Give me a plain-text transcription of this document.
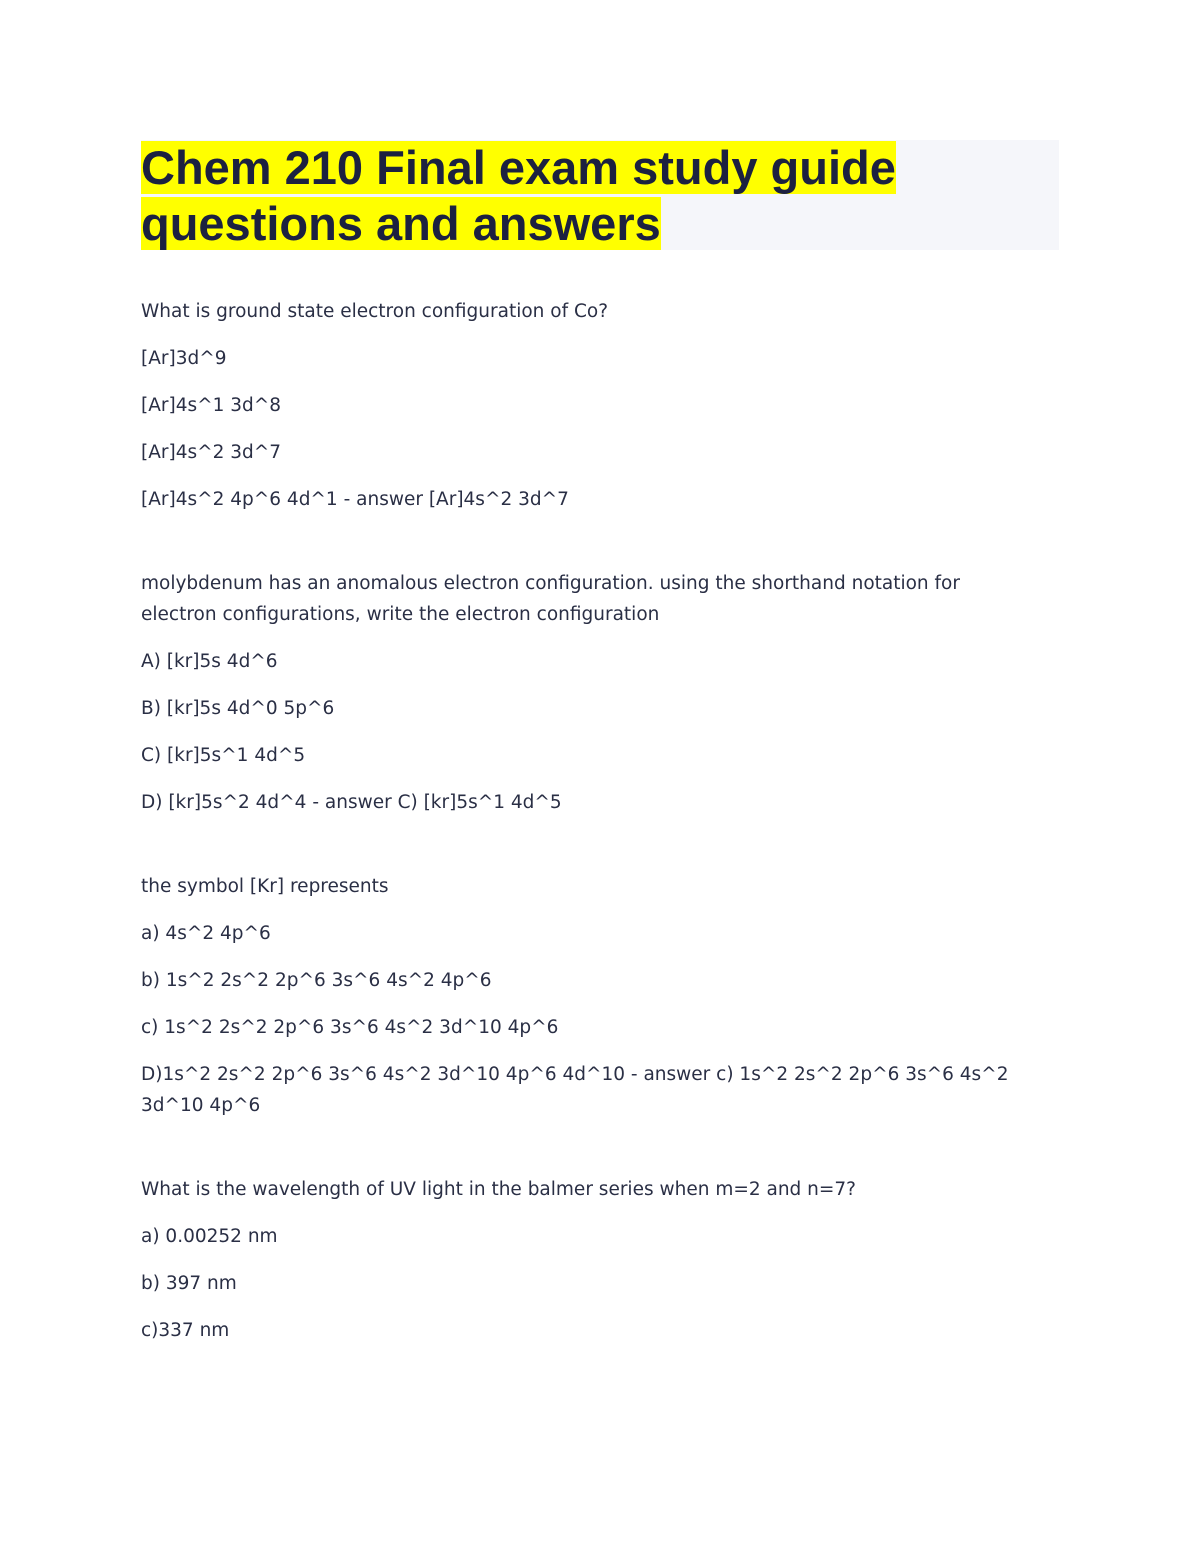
Chem 210 Final exam study guide questions and answers

What is ground state electron configuration of Co?

[Ar]3d^9

[Ar]4s^1 3d^8

[Ar]4s^2 3d^7

[Ar]4s^2 4p^6 4d^1 - answer [Ar]4s^2 3d^7

molybdenum has an anomalous electron configuration. using the shorthand notation for electron configurations, write the electron configuration

A) [kr]5s 4d^6

B) [kr]5s 4d^0 5p^6

C) [kr]5s^1 4d^5

D) [kr]5s^2 4d^4 - answer C) [kr]5s^1 4d^5

the symbol [Kr] represents

a) 4s^2 4p^6

b) 1s^2 2s^2 2p^6 3s^6 4s^2 4p^6

c) 1s^2 2s^2 2p^6 3s^6 4s^2 3d^10 4p^6

D)1s^2 2s^2 2p^6 3s^6 4s^2 3d^10 4p^6 4d^10 - answer c) 1s^2 2s^2 2p^6 3s^6 4s^2 3d^10 4p^6

What is the wavelength of UV light in the balmer series when m=2 and n=7?

a) 0.00252 nm

b) 397 nm

c)337 nm
